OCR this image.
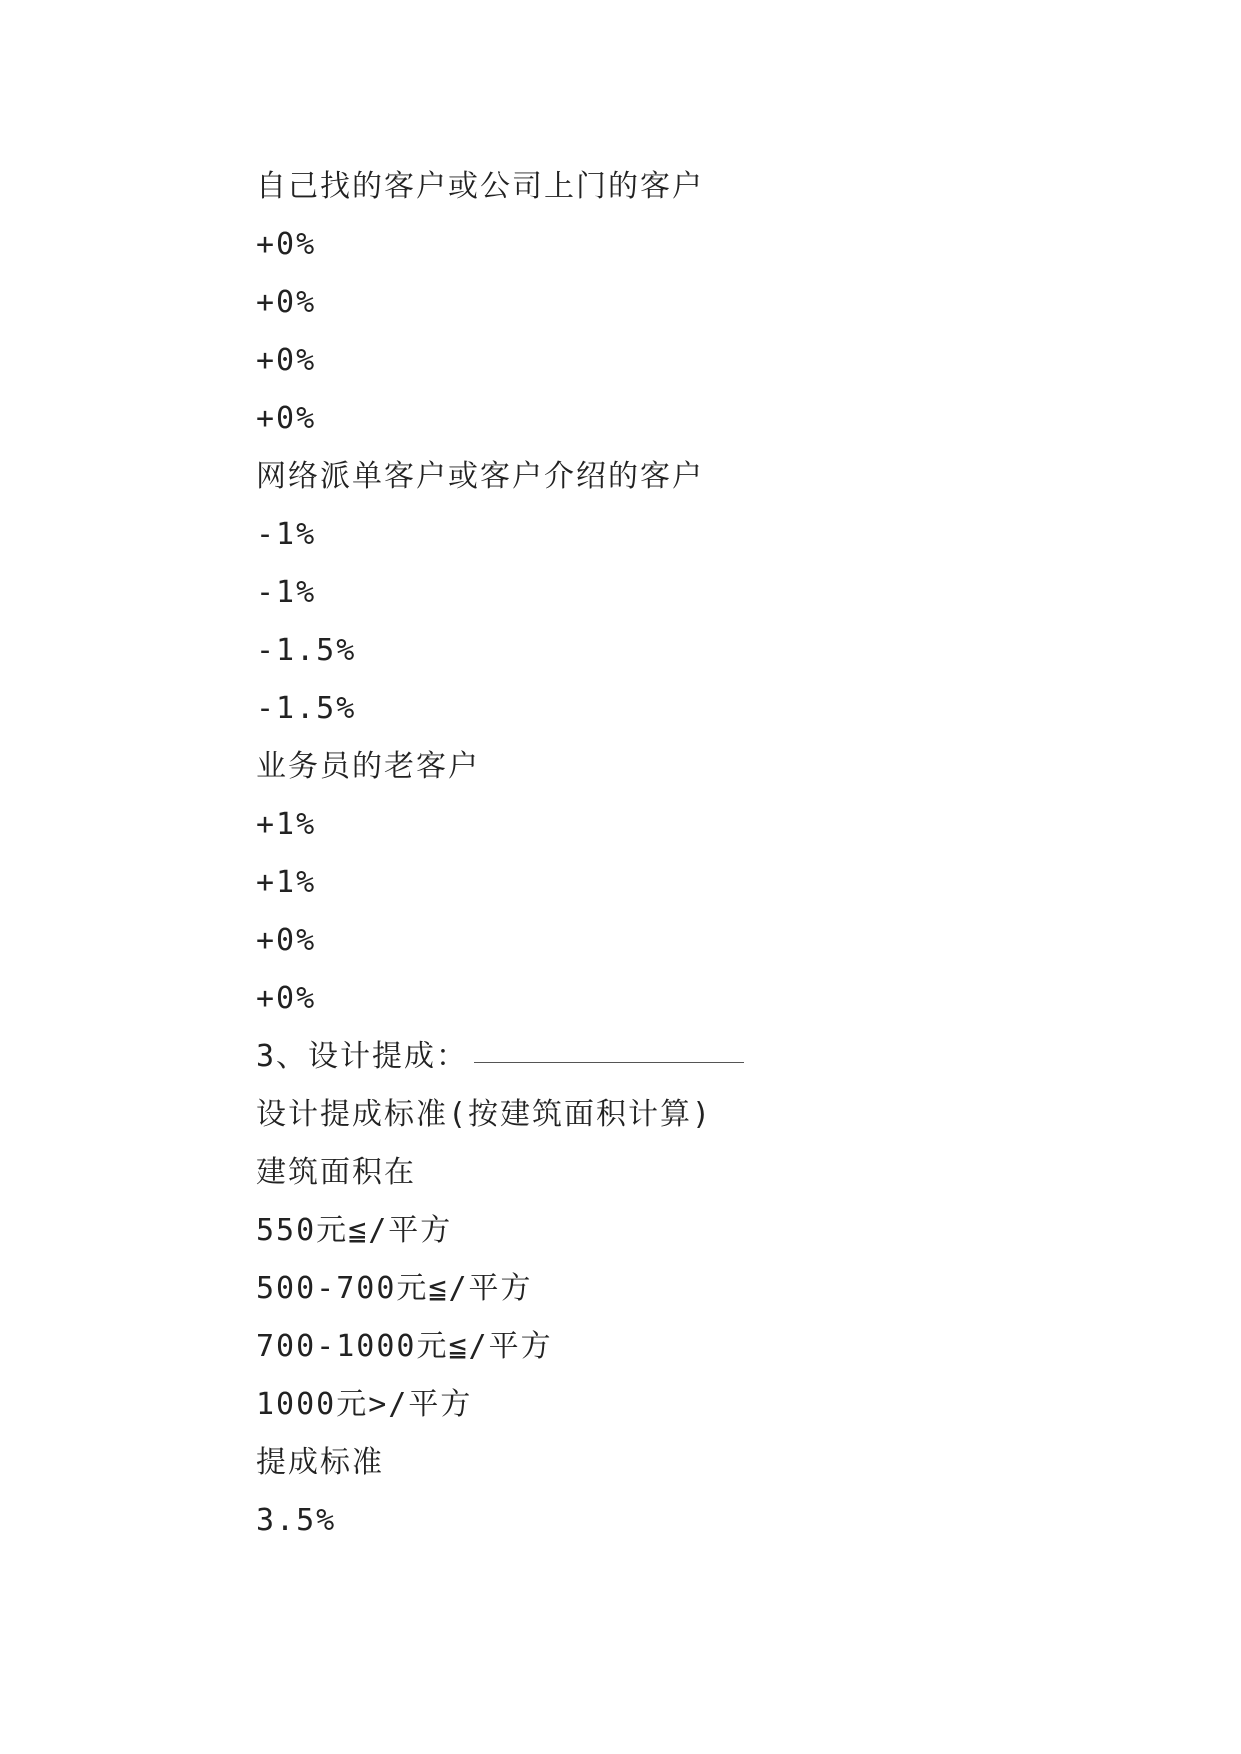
自己找的客户或公司上门的客户
+0%
+0%
+0%
+0%
网络派单客户或客户介绍的客户
-1%
-1%
-1.5%
-1.5%
业务员的老客户
+1%
+1%
+0%
+0%
3、设计提成：
设计提成标准(按建筑面积计算)
建筑面积在
550元≦/平方
500-700元≦/平方
700-1000元≦/平方
1000元>/平方
提成标准
3.5%
